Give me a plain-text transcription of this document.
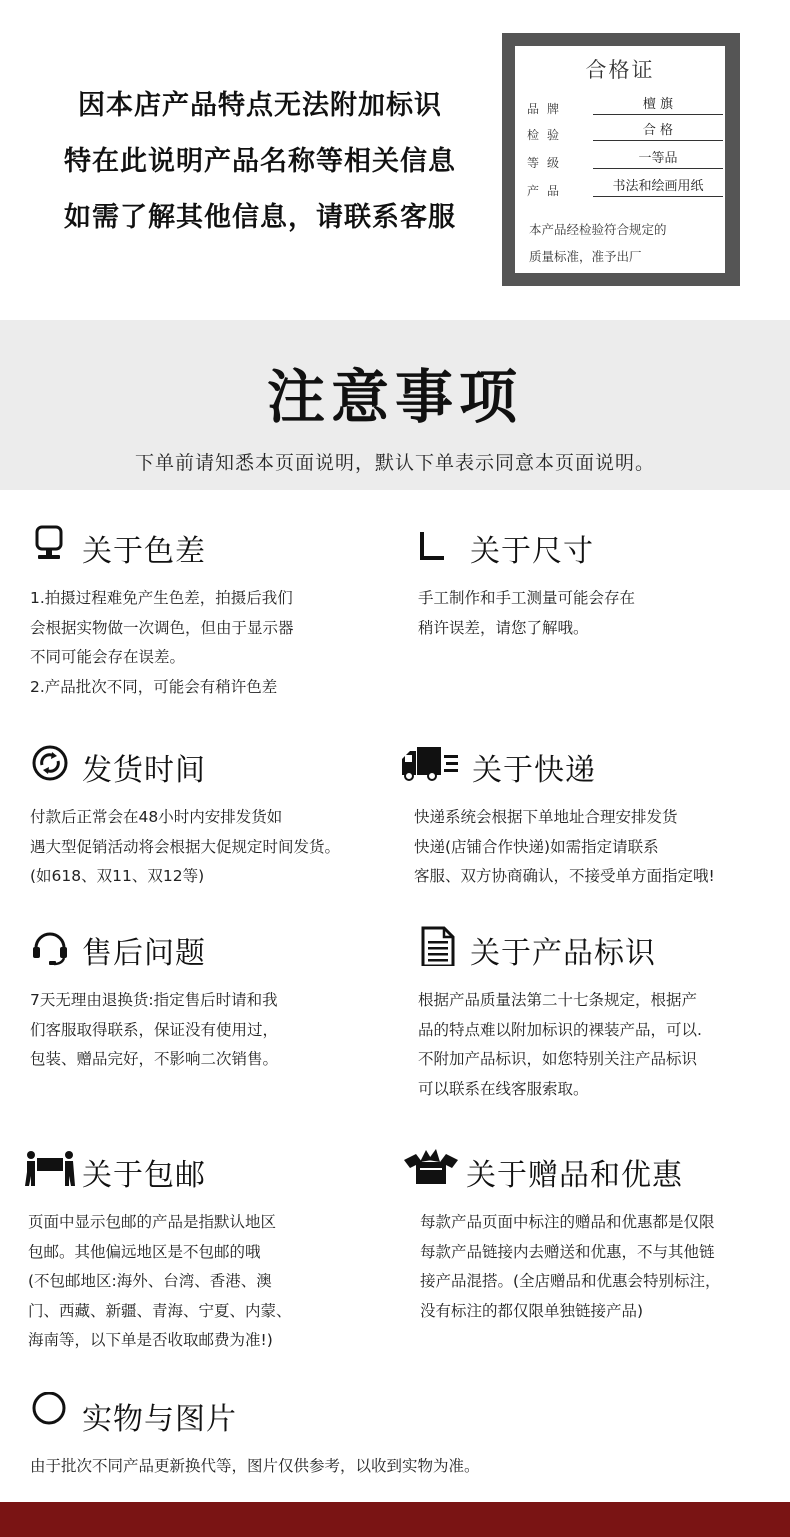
因本店产品特点无法附加标识
特在此说明产品名称等相关信息
如需了解其他信息，请联系客服
合格证
品牌	檀 旗
检验	合 格
等级	一等品
产品	书法和绘画用纸
本产品经检验符合规定的
质量标准，准予出厂
注意事项
下单前请知悉本页面说明，默认下单表示同意本页面说明。
关于色差
1.拍摄过程难免产生色差，拍摄后我们
会根据实物做一次调色，但由于显示器
不同可能会存在误差。
2.产品批次不同，可能会有稍许色差
关于尺寸
手工制作和手工测量可能会存在
稍许误差，请您了解哦。
发货时间
付款后正常会在48小时内安排发货如
遇大型促销活动将会根据大促规定时间发货。
(如618、双11、双12等)
关于快递
快递系统会根据下单地址合理安排发货
快递(店铺合作快递)如需指定请联系
客服、双方协商确认，不接受单方面指定哦!
售后问题
7天无理由退换货:指定售后时请和我
们客服取得联系，保证没有使用过，
包装、赠品完好，不影响二次销售。
关于产品标识
根据产品质量法第二十七条规定，根据产
品的特点难以附加标识的裸装产品，可以.
不附加产品标识，如您特别关注产品标识
可以联系在线客服索取。
关于包邮
页面中显示包邮的产品是指默认地区
包邮。其他偏远地区是不包邮的哦
(不包邮地区:海外、台湾、香港、澳
门、西藏、新疆、青海、宁夏、内蒙、
海南等，以下单是否收取邮费为准!)
关于赠品和优惠
每款产品页面中标注的赠品和优惠都是仅限
每款产品链接内去赠送和优惠，不与其他链
接产品混搭。(全店赠品和优惠会特别标注，
没有标注的都仅限单独链接产品)
实物与图片
由于批次不同产品更新换代等，图片仅供参考，以收到实物为准。
